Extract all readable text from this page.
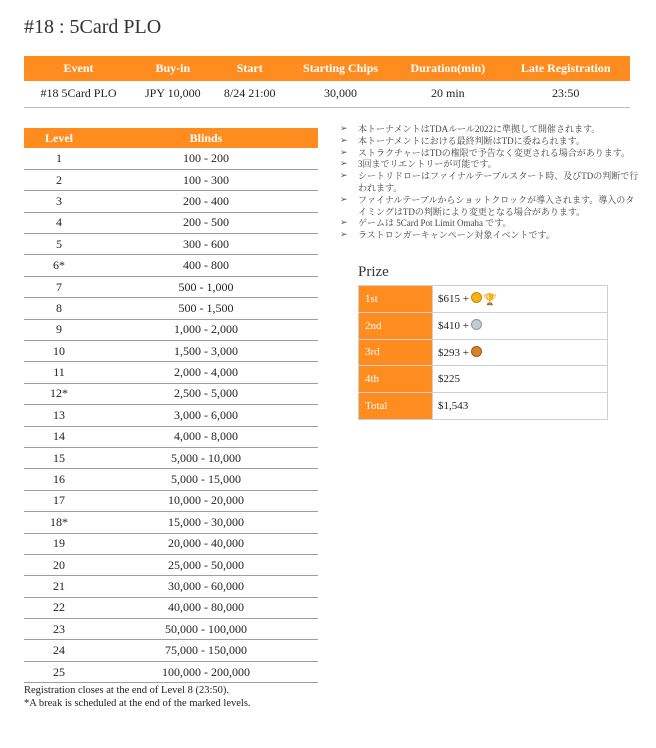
#18 : 5Card PLO
Event	Buy-in	Start	Starting Chips	Duration(min)	Late Registration
#18 5Card PLO	JPY 10,000	8/24 21:00	30,000	20 min	23:50
Level	Blinds
1	100 - 200
2	100 - 300
3	200 - 400
4	200 - 500
5	300 - 600
6*	400 - 800
7	500 - 1,000
8	500 - 1,500
9	1,000 - 2,000
10	1,500 - 3,000
11	2,000 - 4,000
12*	2,500 - 5,000
13	3,000 - 6,000
14	4,000 - 8,000
15	5,000 - 10,000
16	5,000 - 15,000
17	10,000 - 20,000
18*	15,000 - 30,000
19	20,000 - 40,000
20	25,000 - 50,000
21	30,000 - 60,000
22	40,000 - 80,000
23	50,000 - 100,000
24	75,000 - 150,000
25	100,000 - 200,000
Registration closes at the end of Level 8 (23:50).
*A break is scheduled at the end of the marked levels.
➢ 本トーナメントはTDAルール2022に準拠して開催されます。
➢ 本トーナメントにおける最終判断はTDに委ねられます。
➢ ストラクチャーはTDの権限で予告なく変更される場合があります。
➢ 3回までリエントリーが可能です。
➢ シートリドローはファイナルテーブルスタート時、及びTDの判断で行われます。
➢ ファイナルテーブルからショットクロックが導入されます。導入のタイミングはTDの判断により変更となる場合があります。
➢ ゲームは 5Card Pot Limit Omaha です。
➢ ラストロンガーキャンペーン対象イベントです。
Prize
1st	$615 + 🏆
2nd	$410 +
3rd	$293 +
4th	$225
Total	$1,543
